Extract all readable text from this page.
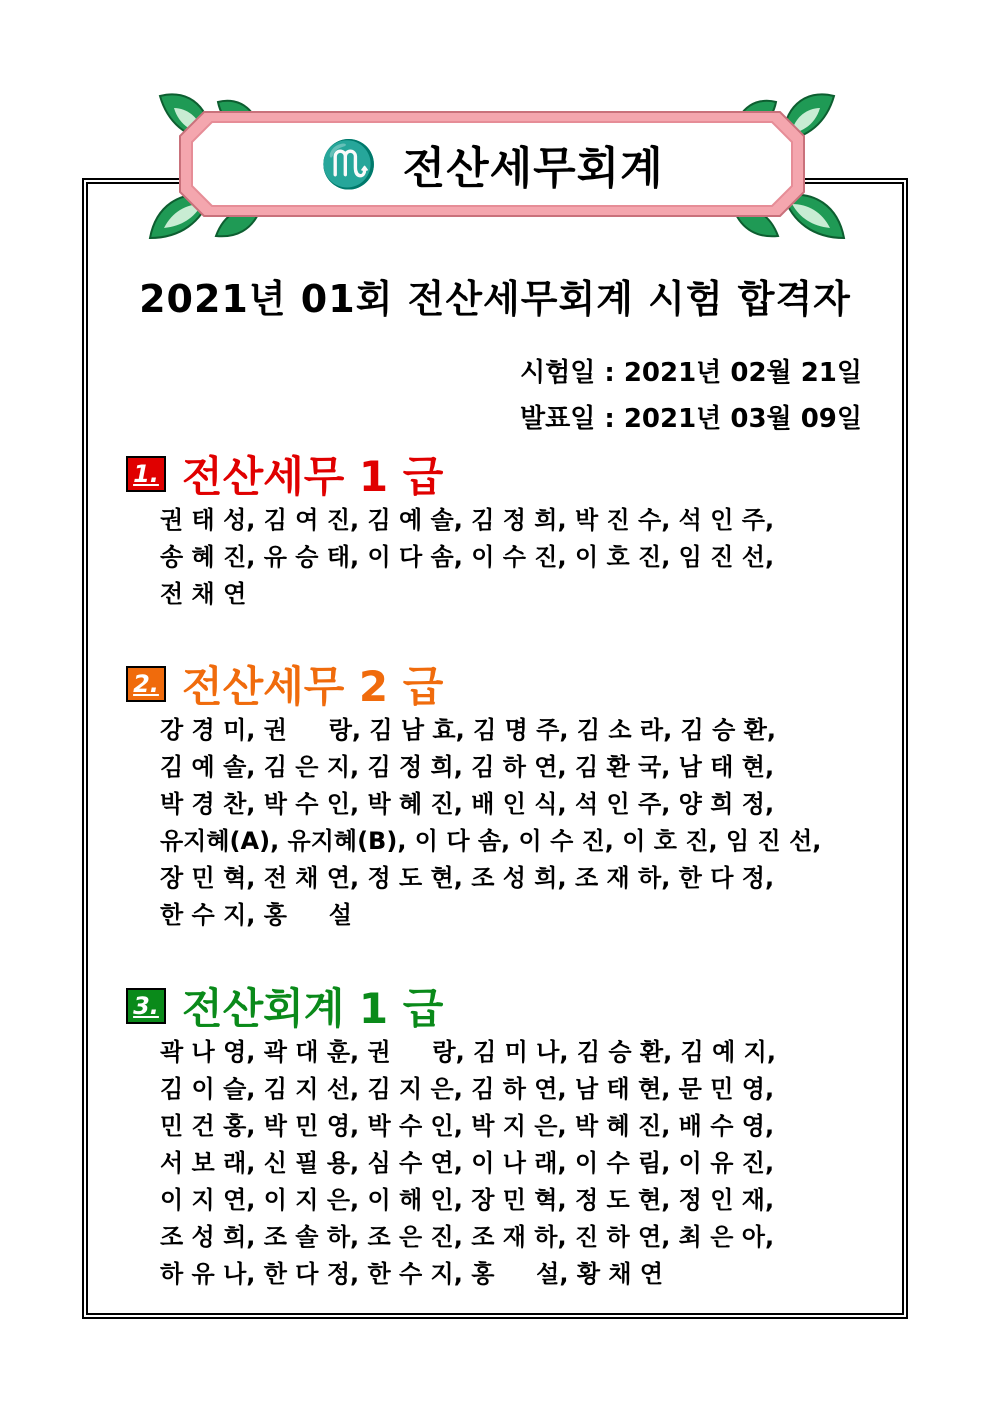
♏ 전산세무회계
2021년 01회 전산세무회계 시험 합격자
시험일 : 2021년 02월 21일
발표일 : 2021년 03월 09일
1. 전산세무 1 급
권 태 성, 김 여 진, 김 예 솔, 김 정 희, 박 진 수, 석 인 주,
송 혜 진, 유 승 태, 이 다 솜, 이 수 진, 이 호 진, 임 진 선,
전 채 연
2. 전산세무 2 급
강 경 미, 권     랑, 김 남 효, 김 명 주, 김 소 라, 김 승 환,
김 예 솔, 김 은 지, 김 정 희, 김 하 연, 김 환 국, 남 태 현,
박 경 찬, 박 수 인, 박 혜 진, 배 인 식, 석 인 주, 양 희 정,
유지혜(A), 유지혜(B), 이 다 솜, 이 수 진, 이 호 진, 임 진 선,
장 민 혁, 전 채 연, 정 도 현, 조 성 희, 조 재 하, 한 다 정,
한 수 지, 홍     설
3. 전산회계 1 급
곽 나 영, 곽 대 훈, 권     랑, 김 미 나, 김 승 환, 김 예 지,
김 이 슬, 김 지 선, 김 지 은, 김 하 연, 남 태 현, 문 민 영,
민 건 홍, 박 민 영, 박 수 인, 박 지 은, 박 혜 진, 배 수 영,
서 보 래, 신 필 용, 심 수 연, 이 나 래, 이 수 림, 이 유 진,
이 지 연, 이 지 은, 이 해 인, 장 민 혁, 정 도 현, 정 인 재,
조 성 희, 조 솔 하, 조 은 진, 조 재 하, 진 하 연, 최 은 아,
하 유 나, 한 다 정, 한 수 지, 홍     설, 황 채 연
